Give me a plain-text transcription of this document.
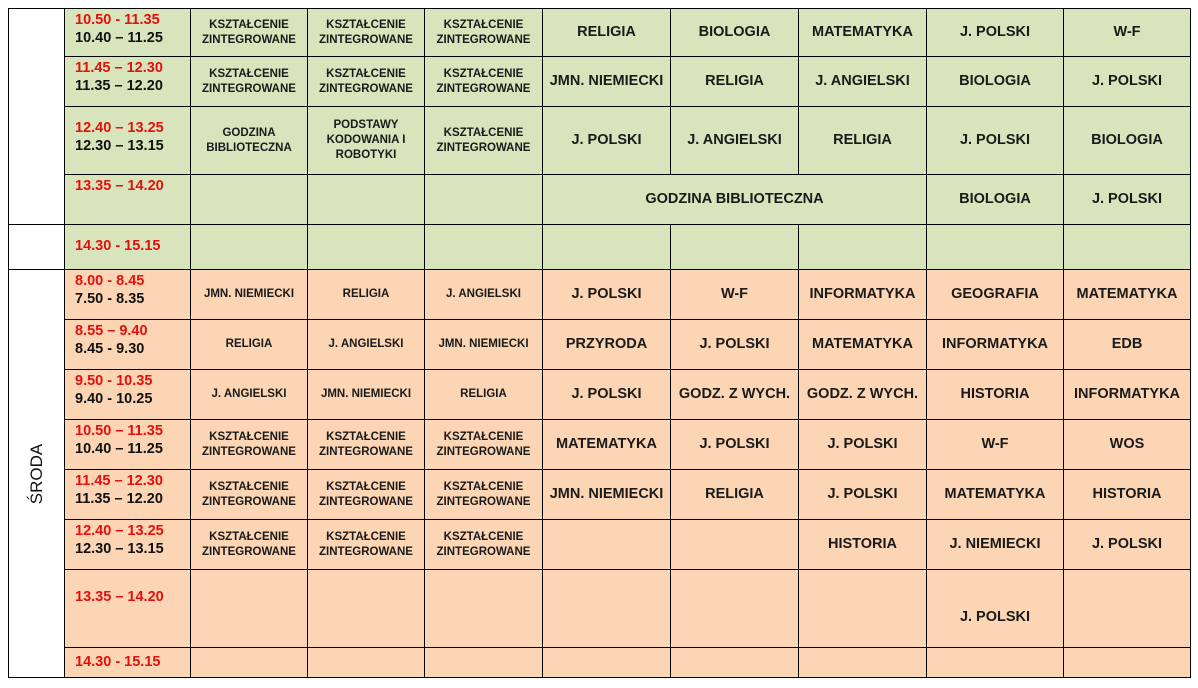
	10.50 - 11.35
10.40 – 11.25	KSZTAŁCENIE ZINTEGROWANE	KSZTAŁCENIE ZINTEGROWANE	KSZTAŁCENIE ZINTEGROWANE	RELIGIA	BIOLOGIA	MATEMATYKA	J. POLSKI	W-F

	11.45 – 12.30
11.35 – 12.20	KSZTAŁCENIE ZINTEGROWANE	KSZTAŁCENIE ZINTEGROWANE	KSZTAŁCENIE ZINTEGROWANE	JMN. NIEMIECKI	RELIGIA	J. ANGIELSKI	BIOLOGIA	J. POLSKI

	12.40 – 13.25
12.30 – 13.15	GODZINA BIBLIOTECZNA	PODSTAWY KODOWANIA I ROBOTYKI	KSZTAŁCENIE ZINTEGROWANE	J. POLSKI	J. ANGIELSKI	RELIGIA	J. POLSKI	BIOLOGIA

	13.35 – 14.20				GODZINA BIBLIOTECZNA			BIOLOGIA	J. POLSKI

	14.30 - 15.15								

ŚRODA	8.00 - 8.45
7.50 - 8.35	JMN. NIEMIECKI	RELIGIA	J. ANGIELSKI	J. POLSKI	W-F	INFORMATYKA	GEOGRAFIA	MATEMATYKA

	8.55 – 9.40
8.45 - 9.30	RELIGIA	J. ANGIELSKI	JMN. NIEMIECKI	PRZYRODA	J. POLSKI	MATEMATYKA	INFORMATYKA	EDB

	9.50 - 10.35
9.40 - 10.25	J. ANGIELSKI	JMN. NIEMIECKI	RELIGIA	J. POLSKI	GODZ. Z WYCH.	GODZ. Z WYCH.	HISTORIA	INFORMATYKA

	10.50 – 11.35
10.40 – 11.25	KSZTAŁCENIE ZINTEGROWANE	KSZTAŁCENIE ZINTEGROWANE	KSZTAŁCENIE ZINTEGROWANE	MATEMATYKA	J. POLSKI	J. POLSKI	W-F	WOS

	11.45 – 12.30
11.35 – 12.20	KSZTAŁCENIE ZINTEGROWANE	KSZTAŁCENIE ZINTEGROWANE	KSZTAŁCENIE ZINTEGROWANE	JMN. NIEMIECKI	RELIGIA	J. POLSKI	MATEMATYKA	HISTORIA

	12.40 – 13.25
12.30 – 13.15	KSZTAŁCENIE ZINTEGROWANE	KSZTAŁCENIE ZINTEGROWANE	KSZTAŁCENIE ZINTEGROWANE			HISTORIA	J. NIEMIECKI	J. POLSKI

	13.35 – 14.20							J. POLSKI	

	14.30 - 15.15								
